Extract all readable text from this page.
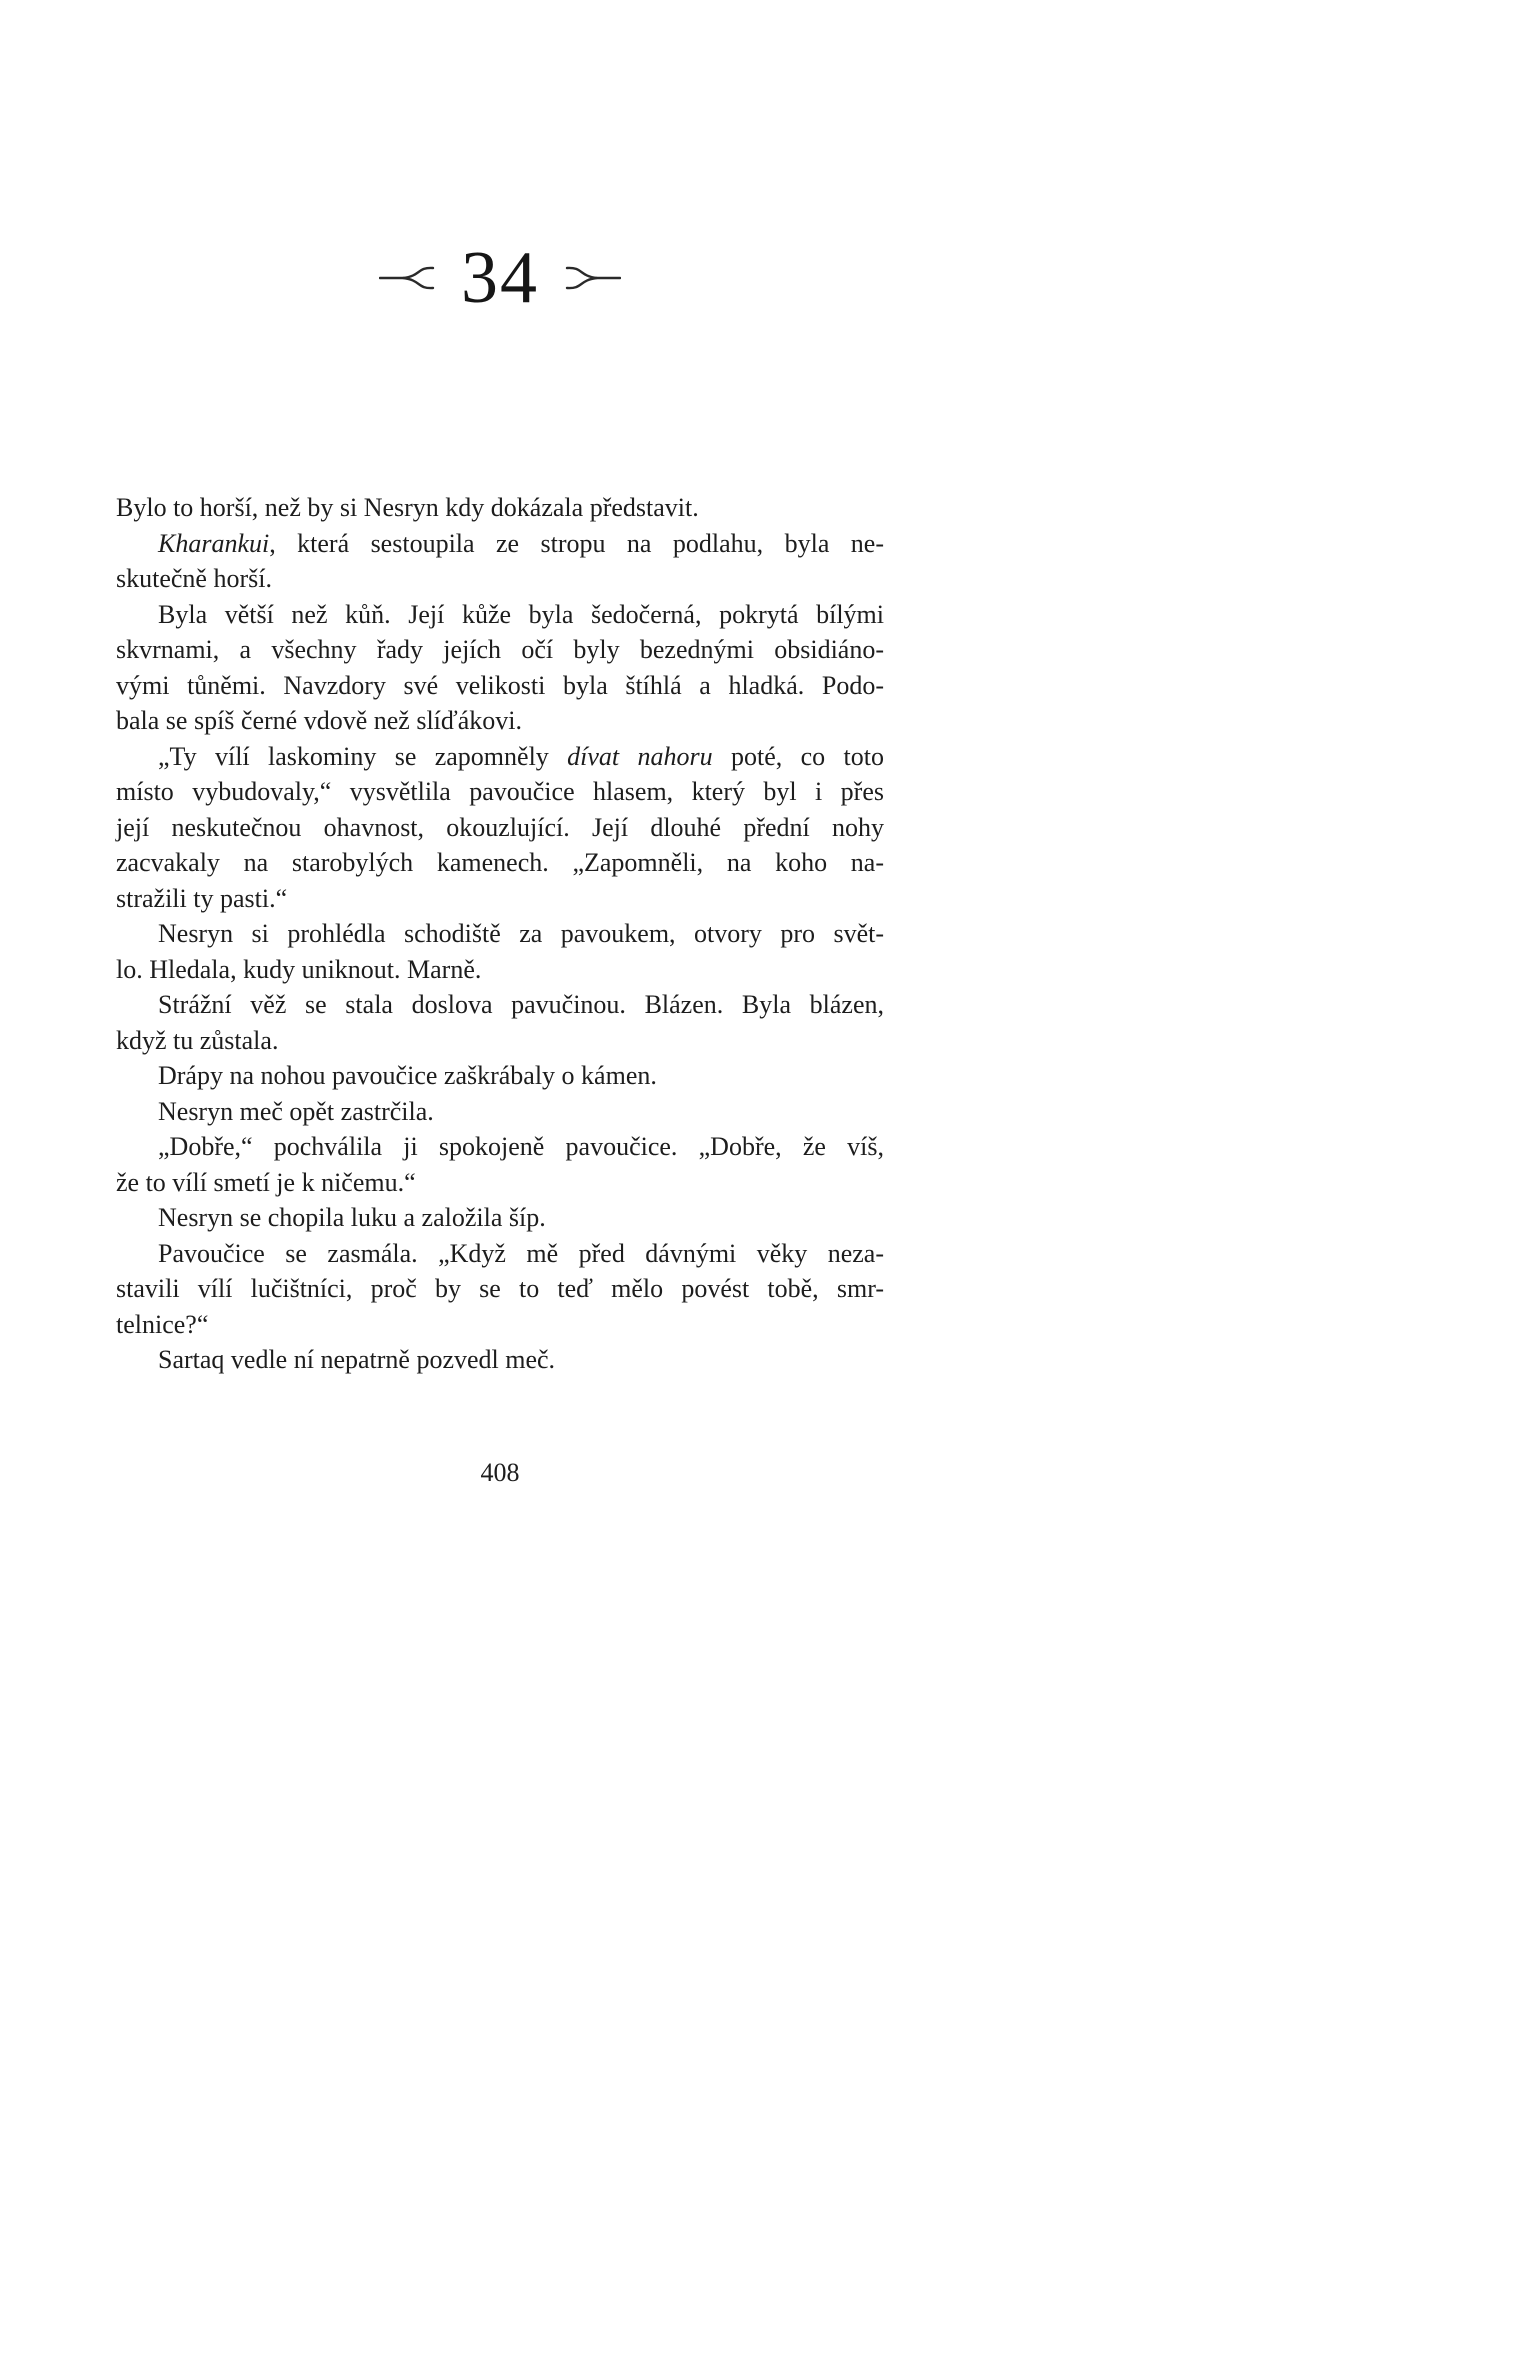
34
Bylo to horší, než by si Nesryn kdy dokázala představit.
Kharankui, která sestoupila ze stropu na podlahu, byla ne-
skutečně horší.
Byla větší než kůň. Její kůže byla šedočerná, pokrytá bílými
skvrnami, a všechny řady jejích očí byly bezednými obsidiáno-
vými tůněmi. Navzdory své velikosti byla štíhlá a hladká. Podo-
bala se spíš černé vdově než slíďákovi.
„Ty vílí laskominy se zapomněly dívat nahoru poté, co toto
místo vybudovaly,“ vysvětlila pavoučice hlasem, který byl i přes
její neskutečnou ohavnost, okouzlující. Její dlouhé přední nohy
zacvakaly na starobylých kamenech. „Zapomněli, na koho na-
stražili ty pasti.“
Nesryn si prohlédla schodiště za pavoukem, otvory pro svět-
lo. Hledala, kudy uniknout. Marně.
Strážní věž se stala doslova pavučinou. Blázen. Byla blázen,
když tu zůstala.
Drápy na nohou pavoučice zaškrábaly o kámen.
Nesryn meč opět zastrčila.
„Dobře,“ pochválila ji spokojeně pavoučice. „Dobře, že víš,
že to vílí smetí je k ničemu.“
Nesryn se chopila luku a založila šíp.
Pavoučice se zasmála. „Když mě před dávnými věky neza-
stavili vílí lučištníci, proč by se to teď mělo povést tobě, smr-
telnice?“
Sartaq vedle ní nepatrně pozvedl meč.
408
